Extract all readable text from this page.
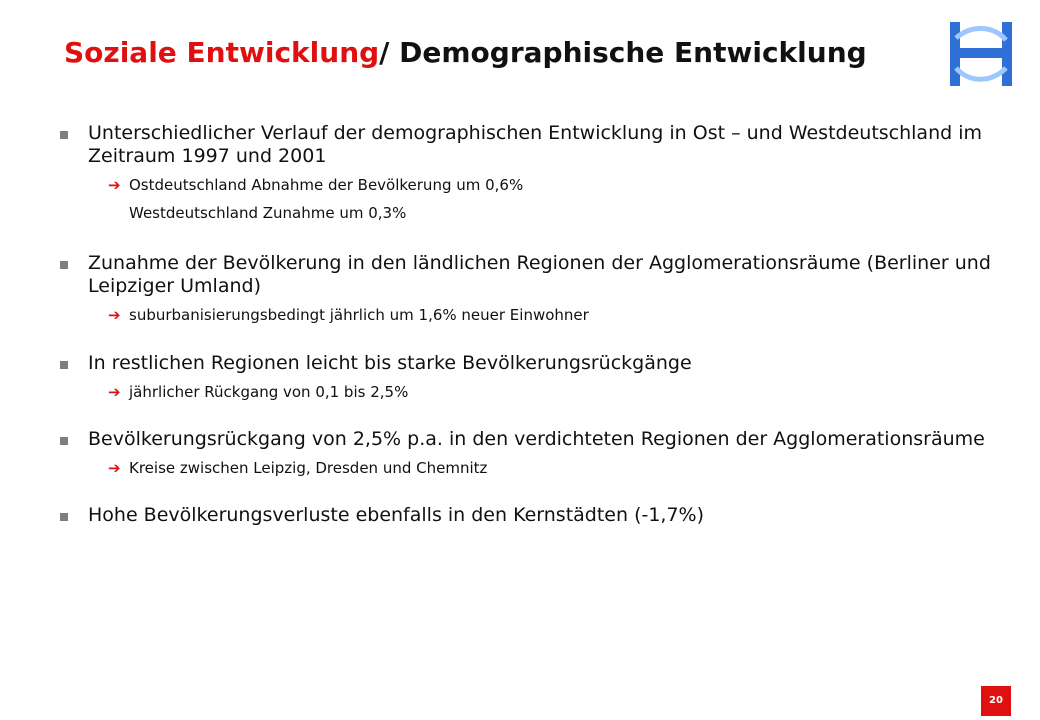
Soziale Entwicklung/ Demographische Entwicklung
Unterschiedlicher Verlauf der demographischen Entwicklung in Ost – und Westdeutschland im Zeitraum 1997 und 2001
➔ Ostdeutschland Abnahme der Bevölkerung um 0,6%
Westdeutschland Zunahme um 0,3%
Zunahme der Bevölkerung in den ländlichen Regionen der Agglomerationsräume (Berliner und Leipziger Umland)
➔ suburbanisierungsbedingt jährlich um 1,6% neuer Einwohner
In restlichen Regionen leicht bis starke Bevölkerungsrückgänge
➔ jährlicher Rückgang von 0,1 bis 2,5%
Bevölkerungsrückgang von 2,5% p.a. in den verdichteten Regionen der Agglomerationsräume
➔ Kreise zwischen Leipzig, Dresden und Chemnitz
Hohe Bevölkerungsverluste ebenfalls in den Kernstädten (-1,7%)
20
